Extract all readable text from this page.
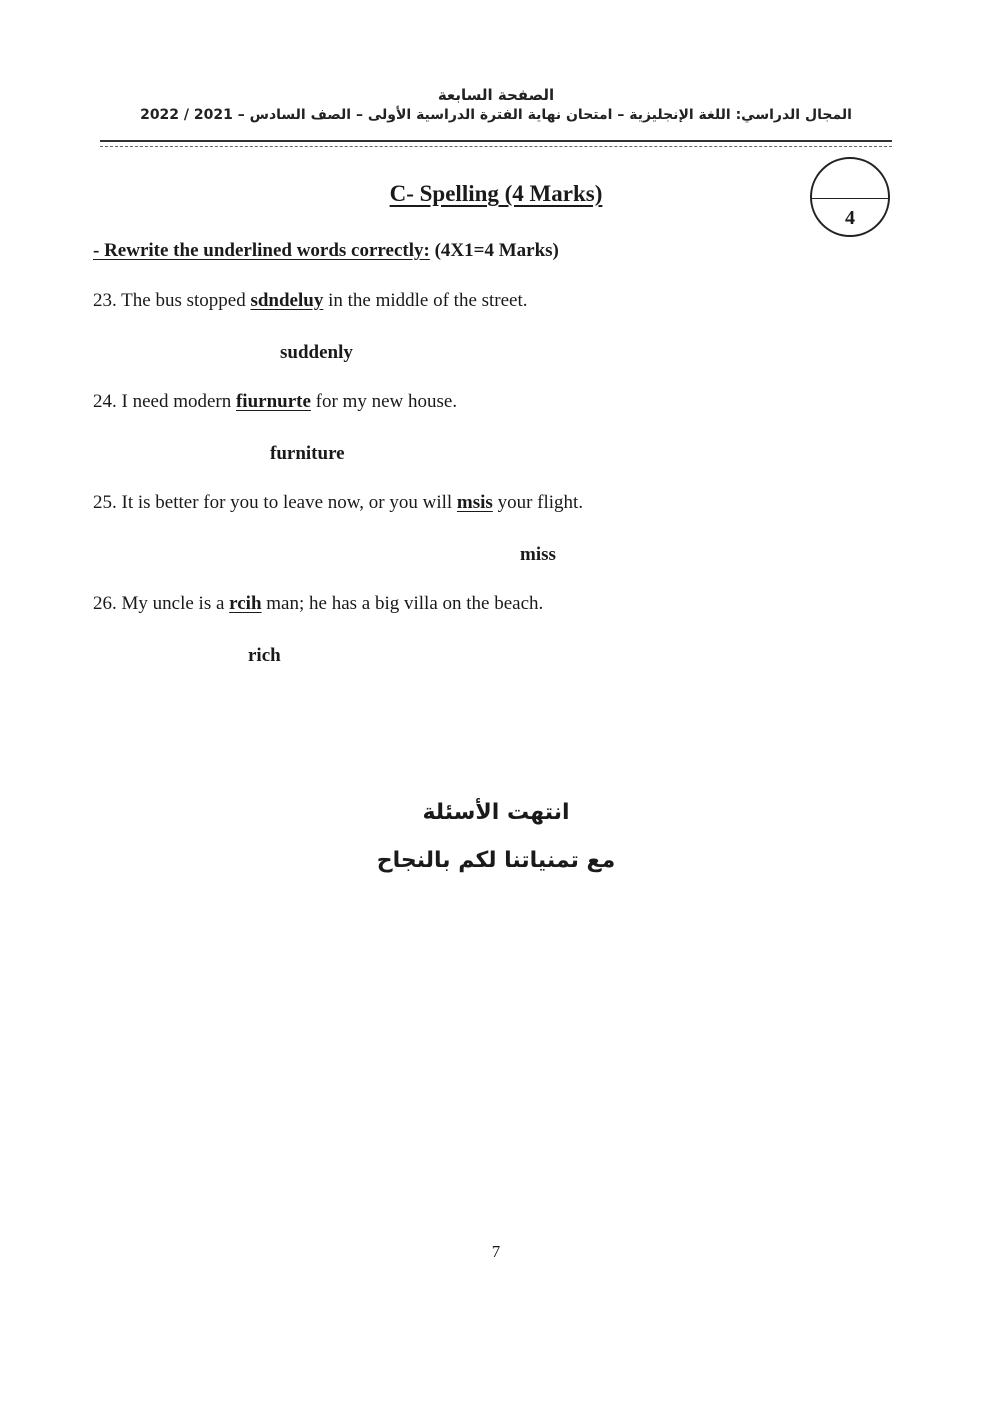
الصفحة السابعة
المجال الدراسي: اللغة الإنجليزية – امتحان نهاية الفترة الدراسية الأولى – الصف السادس – 2021 / 2022
4
C- Spelling (4 Marks)
- Rewrite the underlined words correctly: (4X1=4 Marks)
23. The bus stopped sdndeluy in the middle of the street.
suddenly
24. I need modern fiurnurte for my new house.
furniture
25. It is better for you to leave now, or you will msis your flight.
miss
26. My uncle is a rcih man; he has a big villa on the beach.
rich
انتهت الأسئلة
مع تمنياتنا لكم بالنجاح
7
